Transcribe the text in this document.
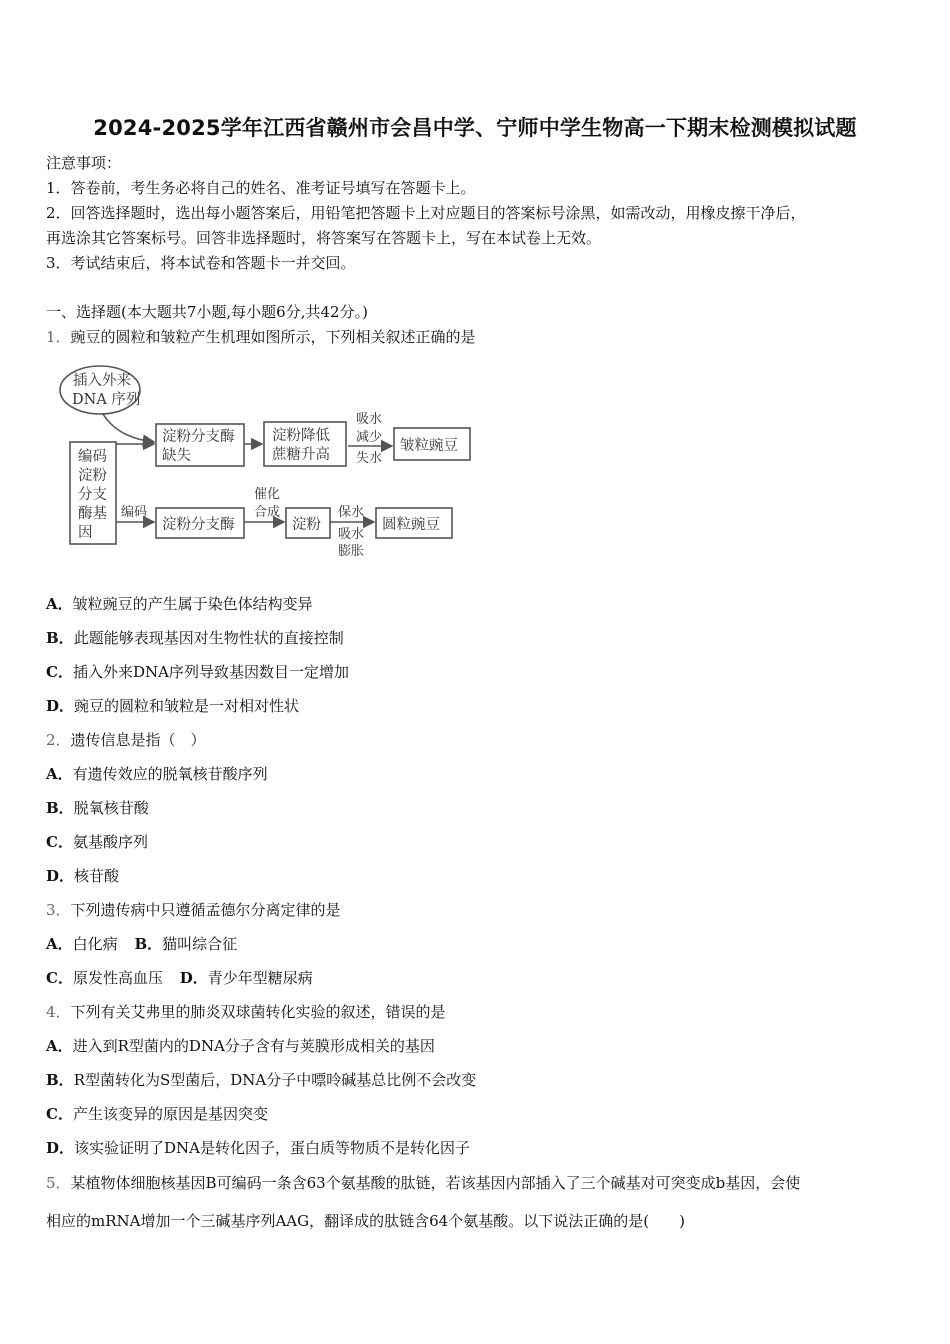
2024-2025学年江西省赣州市会昌中学、宁师中学生物高一下期末检测模拟试题
注意事项：
1．答卷前，考生务必将自己的姓名、准考证号填写在答题卡上。
2．回答选择题时，选出每小题答案后，用铅笔把答题卡上对应题目的答案标号涂黑，如需改动，用橡皮擦干净后，
再选涂其它答案标号。回答非选择题时，将答案写在答题卡上，写在本试卷上无效。
3．考试结束后，将本试卷和答题卡一并交回。
一、选择题(本大题共7小题,每小题6分,共42分。)
1．豌豆的圆粒和皱粒产生机理如图所示，下列相关叙述正确的是
插入外来
DNA 序列
编码
淀粉
分支
酶基
因
淀粉分支酶
缺失
淀粉降低
蔗糖升高
吸水
减少
失水
皱粒豌豆
编码
淀粉分支酶
催化
合成
淀粉
保水
吸水
膨胀
圆粒豌豆
A．皱粒豌豆的产生属于染色体结构变异
B．此题能够表现基因对生物性状的直接控制
C．插入外来DNA序列导致基因数目一定增加
D．豌豆的圆粒和皱粒是一对相对性状
2．遗传信息是指（　）
A．有遗传效应的脱氧核苷酸序列
B．脱氧核苷酸
C．氨基酸序列
D．核苷酸
3．下列遗传病中只遵循孟德尔分离定律的是
A．白化病 B．猫叫综合征
C．原发性高血压 D．青少年型糖尿病
4．下列有关艾弗里的肺炎双球菌转化实验的叙述，错误的是
A．进入到R型菌内的DNA分子含有与荚膜形成相关的基因
B．R型菌转化为S型菌后，DNA分子中嘌呤碱基总比例不会改变
C．产生该变异的原因是基因突变
D．该实验证明了DNA是转化因子，蛋白质等物质不是转化因子
5．某植物体细胞核基因B可编码一条含63个氨基酸的肽链，若该基因内部插入了三个碱基对可突变成b基因，会使
相应的mRNA增加一个三碱基序列AAG，翻译成的肽链含64个氨基酸。以下说法正确的是(　　)
